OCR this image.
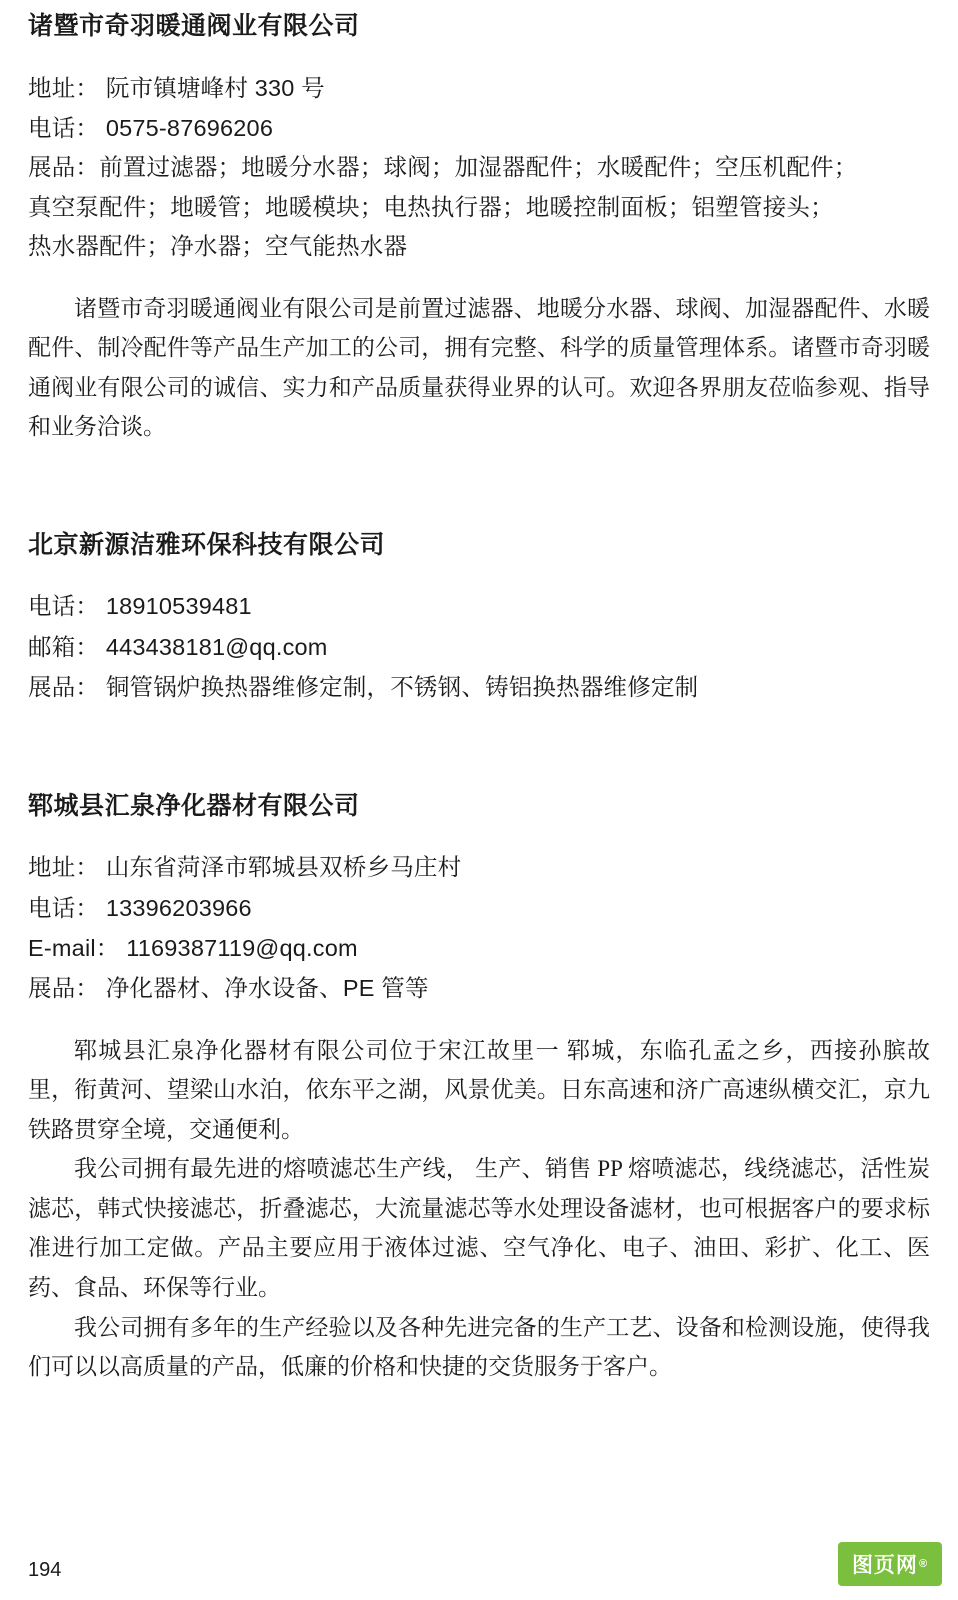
诸暨市奇羽暖通阀业有限公司
地址： 阮市镇塘峰村 330 号
电话： 0575-87696206
展品：前置过滤器；地暖分水器；球阀；加湿器配件；水暖配件；空压机配件；
真空泵配件；地暖管；地暖模块；电热执行器；地暖控制面板；铝塑管接头；
热水器配件；净水器；空气能热水器

诸暨市奇羽暖通阀业有限公司是前置过滤器、地暖分水器、球阀、加湿器配件、水暖配件、制冷配件等产品生产加工的公司，拥有完整、科学的质量管理体系。诸暨市奇羽暖通阀业有限公司的诚信、实力和产品质量获得业界的认可。欢迎各界朋友莅临参观、指导和业务洽谈。

北京新源洁雅环保科技有限公司
电话： 18910539481
邮箱： 443438181@qq.com
展品： 铜管锅炉换热器维修定制，不锈钢、铸铝换热器维修定制
郓城县汇泉净化器材有限公司
地址： 山东省菏泽市郓城县双桥乡马庄村
电话： 13396203966
E-mail： 1169387119@qq.com
展品： 净化器材、净水设备、PE 管等

郓城县汇泉净化器材有限公司位于宋江故里一 郓城，东临孔孟之乡，西接孙膑故里，衔黄河、望梁山水泊，依东平之湖，风景优美。日东高速和济广高速纵横交汇，京九铁路贯穿全境，交通便利。

我公司拥有最先进的熔喷滤芯生产线， 生产、销售 PP 熔喷滤芯，线绕滤芯，活性炭滤芯，韩式快接滤芯，折叠滤芯，大流量滤芯等水处理设备滤材，也可根据客户的要求标准进行加工定做。产品主要应用于液体过滤、空气净化、电子、油田、彩扩、化工、医药、食品、环保等行业。

我公司拥有多年的生产经验以及各种先进完备的生产工艺、设备和检测设施，使得我们可以以高质量的产品，低廉的价格和快捷的交货服务于客户。

194	图页网 ®
